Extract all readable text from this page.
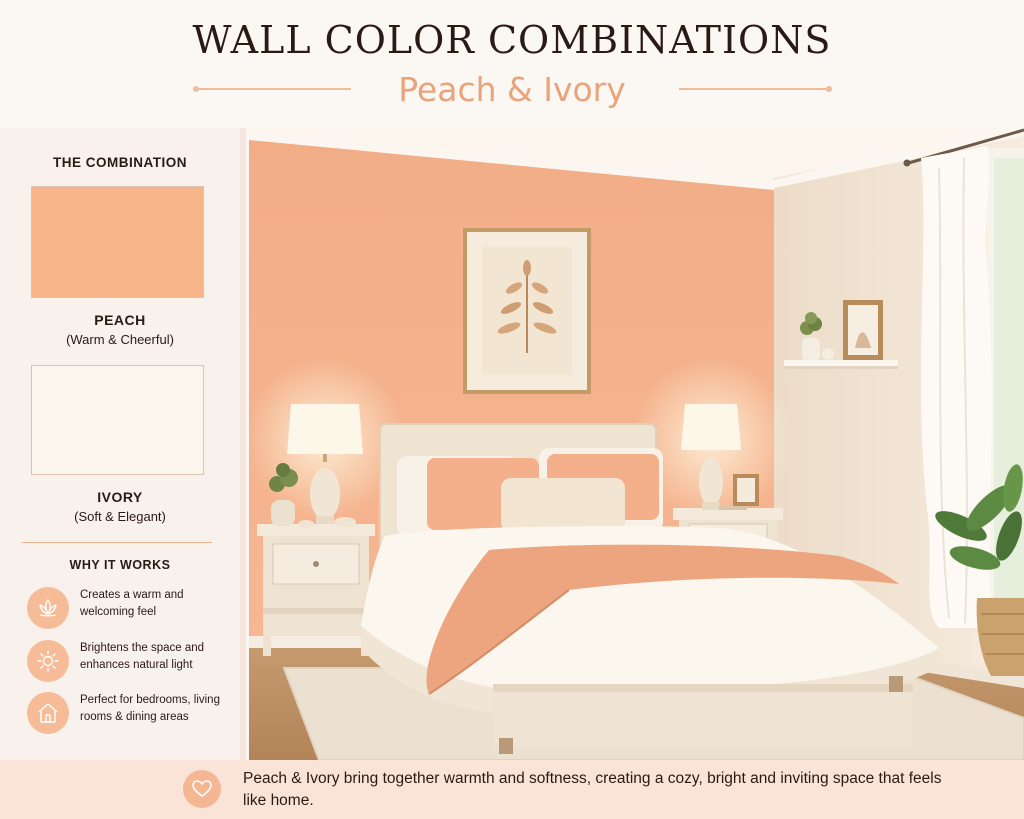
WALL COLOR COMBINATIONS
Peach & Ivory
THE COMBINATION
PEACH
(Warm & Cheerful)
IVORY
(Soft & Elegant)
WHY IT WORKS
Creates a warm and welcoming feel
Brightens the space and enhances natural light
Perfect for bedrooms, living rooms & dining areas
Peach & Ivory bring together warmth and softness, creating a cozy, bright and inviting space that feels like home.
